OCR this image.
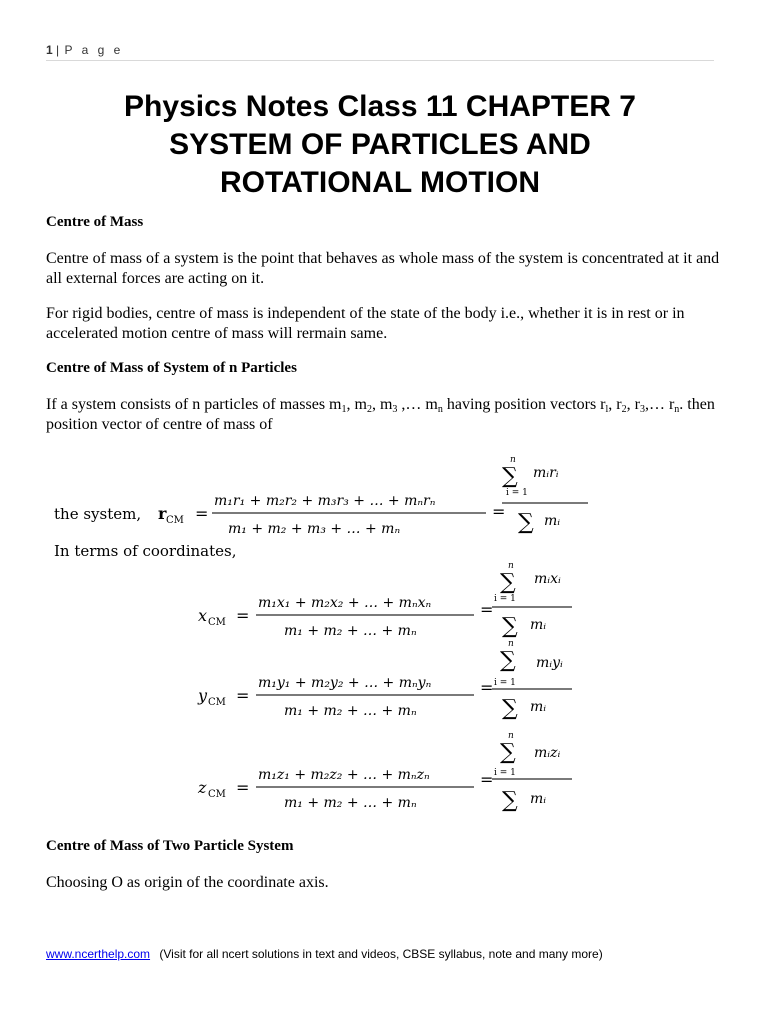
1 | P a g e
Physics Notes Class 11 CHAPTER 7
SYSTEM OF PARTICLES AND
ROTATIONAL MOTION
Centre of Mass

Centre of mass of a system is the point that behaves as whole mass of the system is concentrated at it and all external forces are acting on it.

For rigid bodies, centre of mass is independent of the state of the body i.e., whether it is in rest or in accelerated motion centre of mass will rermain same.

Centre of Mass of System of n Particles

If a system consists of n particles of masses $m_1$, $m_2$, $m_3$ ,… $m_n$ having position vectors $r_l$, $r_2$, $r_3,\dots$ $r_n$. then position vector of centre of mass of

the system, r CM =
m₁r₁ + m₂r₂ + m₃r₃ + … + mₙrₙ
m₁ + m₂ + m₃ + … + mₙ
=
n
∑ mᵢrᵢ
i = 1
∑ mᵢ
In terms of coordinates,
x CM =
m₁x₁ + m₂x₂ + … + mₙxₙ
m₁ + m₂ + … + mₙ
=
n
∑ mᵢxᵢ
i = 1
∑ mᵢ
y CM =
m₁y₁ + m₂y₂ + … + mₙyₙ
m₁ + m₂ + … + mₙ
=
n
∑ mᵢyᵢ
i = 1
∑ mᵢ
z CM =
m₁z₁ + m₂z₂ + … + mₙzₙ
m₁ + m₂ + … + mₙ
=
n
∑ mᵢzᵢ
i = 1
∑ mᵢ
Centre of Mass of Two Particle System

Choosing O as origin of the coordinate axis.

www.ncerthelp.com (Visit for all ncert solutions in text and videos, CBSE syllabus, note and many more)
